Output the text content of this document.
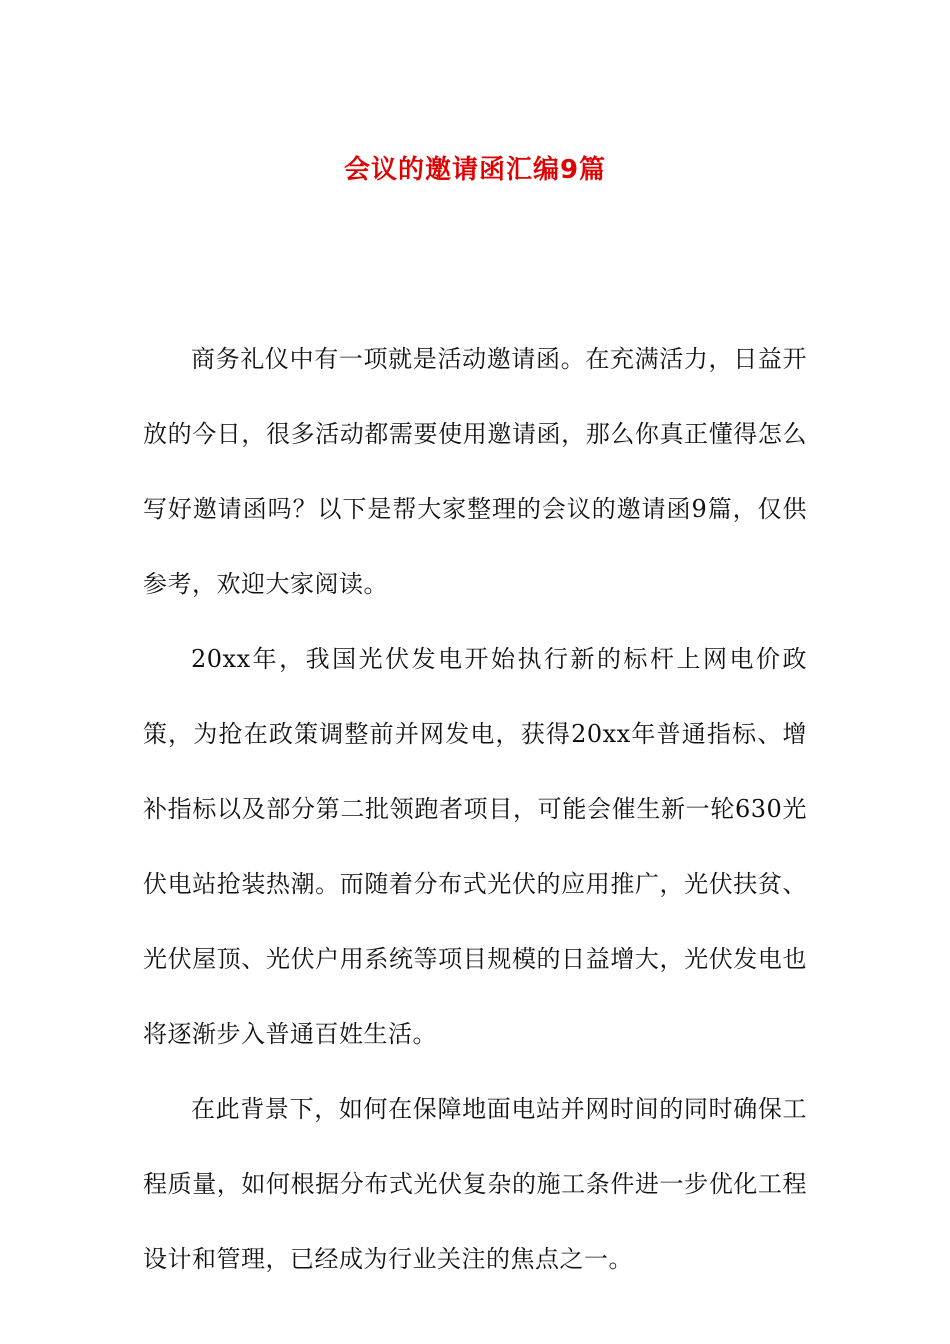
会议的邀请函汇编9篇

商务礼仪中有一项就是活动邀请函。在充满活力，日益开放的今日，很多活动都需要使用邀请函，那么你真正懂得怎么写好邀请函吗？以下是帮大家整理的会议的邀请函9篇，仅供参考，欢迎大家阅读。

20xx年，我国光伏发电开始执行新的标杆上网电价政策，为抢在政策调整前并网发电，获得20xx年普通指标、增补指标以及部分第二批领跑者项目，可能会催生新一轮630光伏电站抢装热潮。而随着分布式光伏的应用推广，光伏扶贫、光伏屋顶、光伏户用系统等项目规模的日益增大，光伏发电也将逐渐步入普通百姓生活。

在此背景下，如何在保障地面电站并网时间的同时确保工程质量，如何根据分布式光伏复杂的施工条件进一步优化工程设计和管理，已经成为行业关注的焦点之一。
